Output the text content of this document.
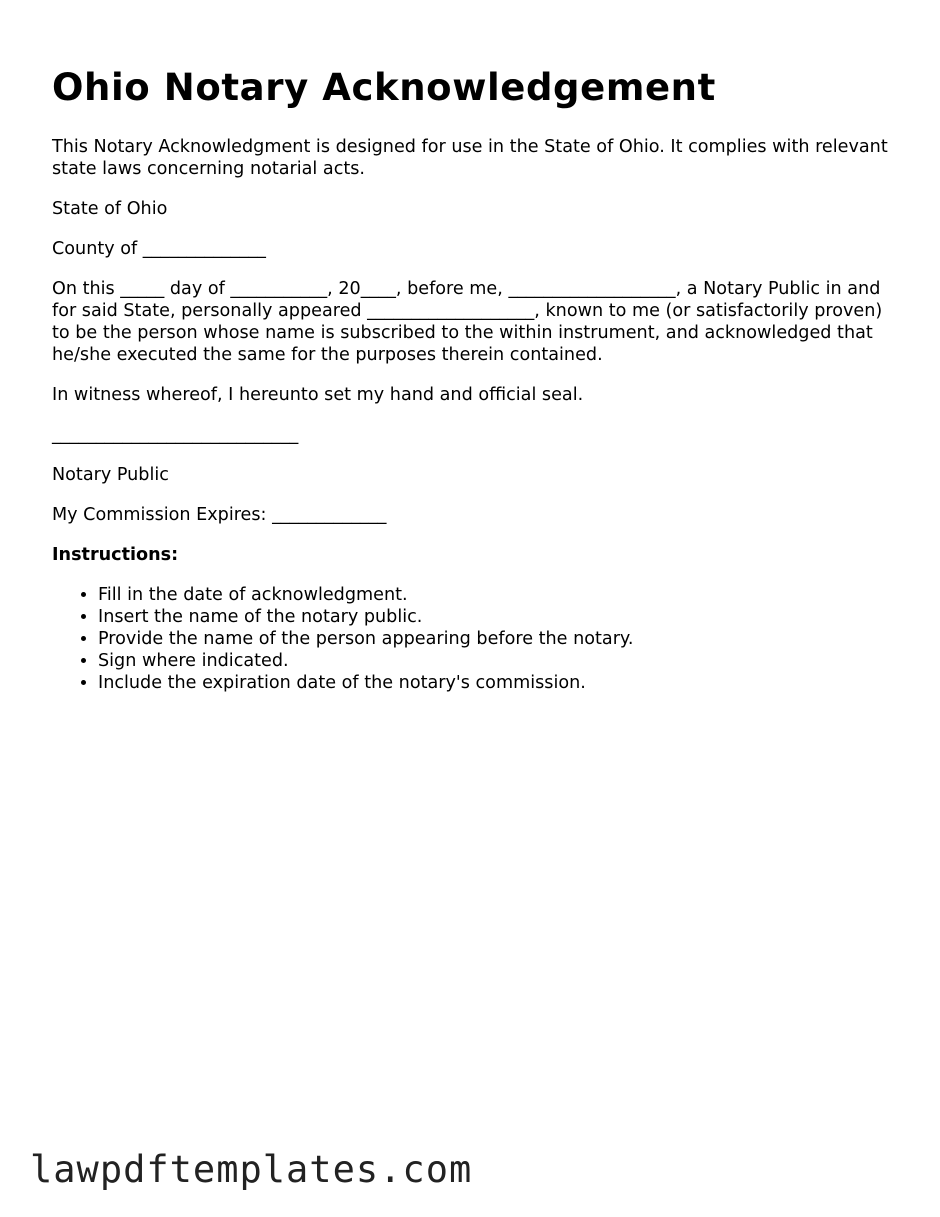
Ohio Notary Acknowledgement

This Notary Acknowledgment is designed for use in the State of Ohio. It complies with relevant state laws concerning notarial acts.

State of Ohio

County of ______________

On this _____ day of ___________, 20____, before me, ___________________, a Notary Public in and for said State, personally appeared ___________________, known to me (or satisfactorily proven) to be the person whose name is subscribed to the within instrument, and acknowledged that he/she executed the same for the purposes therein contained.

In witness whereof, I hereunto set my hand and official seal.

____________________________

Notary Public

My Commission Expires: _____________

Instructions:

• Fill in the date of acknowledgment.
• Insert the name of the notary public.
• Provide the name of the person appearing before the notary.
• Sign where indicated.
• Include the expiration date of the notary's commission.
lawpdftemplates.com
